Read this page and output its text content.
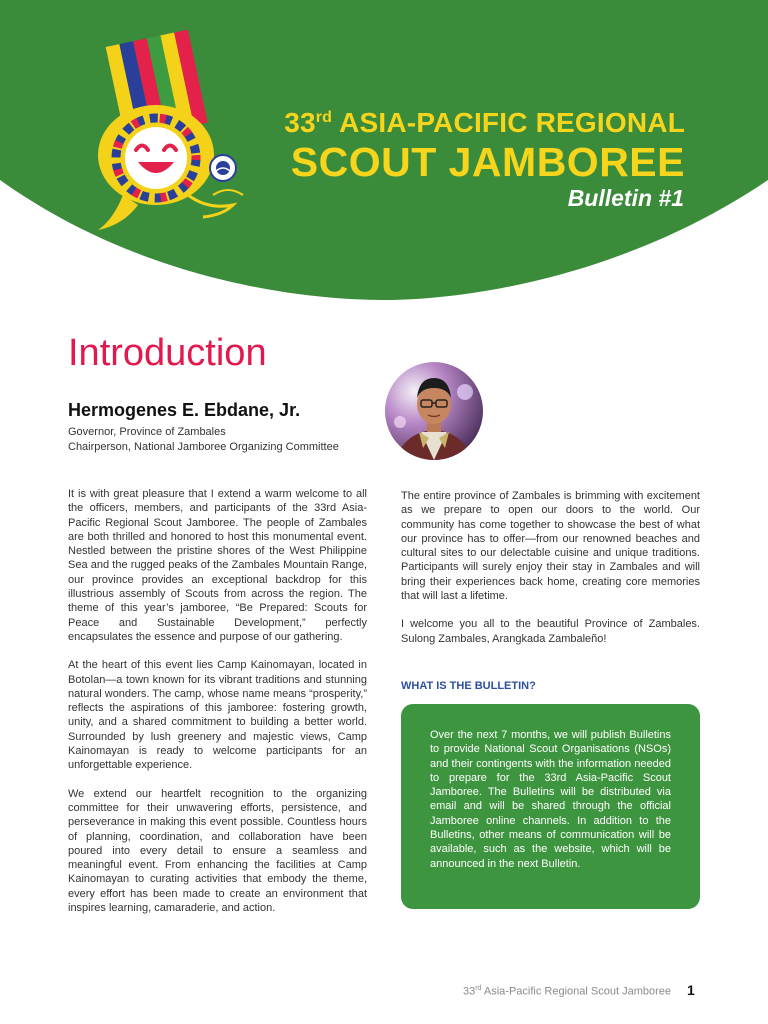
33rd ASIA-PACIFIC REGIONAL
SCOUT JAMBOREE
Bulletin #1
Introduction
Hermogenes E. Ebdane, Jr.
Governor, Province of Zambales
Chairperson, National Jamboree Organizing Committee

It is with great pleasure that I extend a warm welcome to all the officers, members, and participants of the 33rd Asia-Pacific Regional Scout Jamboree. The people of Zambales are both thrilled and honored to host this monumental event. Nestled between the pristine shores of the West Philippine Sea and the rugged peaks of the Zambales Mountain Range, our province provides an exceptional backdrop for this illustrious assembly of Scouts from across the region. The theme of this year’s jamboree, “Be Prepared: Scouts for Peace and Sustainable Development,” perfectly encapsulates the essence and purpose of our gathering.

At the heart of this event lies Camp Kainomayan, located in Botolan—a town known for its vibrant traditions and stunning natural wonders. The camp, whose name means “prosperity,” reflects the aspirations of this jamboree: fostering growth, unity, and a shared commitment to building a better world. Surrounded by lush greenery and majestic views, Camp Kainomayan is ready to welcome participants for an unforgettable experience.

We extend our heartfelt recognition to the organizing committee for their unwavering efforts, persistence, and perseverance in making this event possible. Countless hours of planning, coordination, and collaboration have been poured into every detail to ensure a seamless and meaningful event. From enhancing the facilities at Camp Kainomayan to curating activities that embody the theme, every effort has been made to create an environment that inspires learning, camaraderie, and action.

The entire province of Zambales is brimming with excitement as we prepare to open our doors to the world. Our community has come together to showcase the best of what our province has to offer—from our renowned beaches and cultural sites to our delectable cuisine and unique traditions. Participants will surely enjoy their stay in Zambales and will bring their experiences back home, creating core memories that will last a lifetime.

I welcome you all to the beautiful Province of Zambales. Sulong Zambales, Arangkada Zambaleño!

WHAT IS THE BULLETIN?

Over the next 7 months, we will publish Bulletins to provide National Scout Organisations (NSOs) and their contingents with the information needed to prepare for the 33rd Asia-Pacific Scout Jamboree. The Bulletins will be distributed via email and will be shared through the official Jamboree online channels. In addition to the Bulletins, other means of communication will be available, such as the website, which will be announced in the next Bulletin.

33rd Asia-Pacific Regional Scout Jamboree 1
